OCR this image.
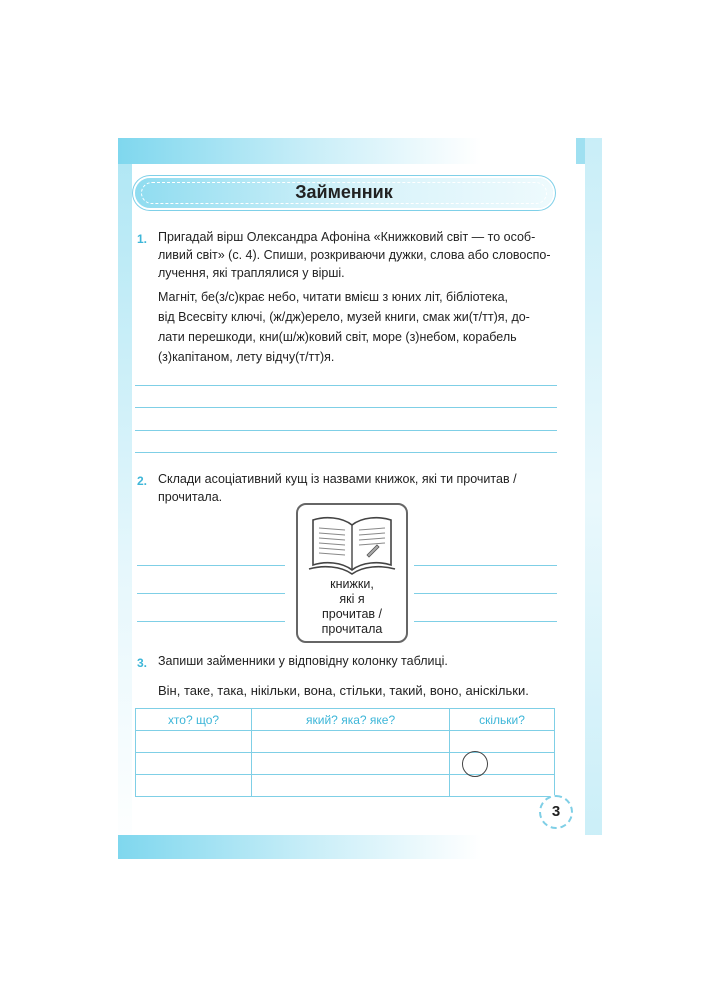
Займенник
1. Пригадай вірш Олександра Афоніна «Книжковий світ — то особ-
ливий світ» (с. 4). Спиши, розкриваючи дужки, слова або словоспо-
лучення, які траплялися у вірші.
Магніт, бе(з/с)крає небо, читати вмієш з юних літ, бібліотека,
від Всесвіту ключі, (ж/дж)ерело, музей книги, смак жи(т/тт)я, до-
лати перешкоди, кни(ш/ж)ковий світ, море (з)небом, корабель
(з)капітаном, лету відчу(т/тт)я.
2. Склади асоціативний кущ із назвами книжок, які ти прочитав /
прочитала.
книжки,
які я
прочитав /
прочитала
3. Запиши займенники у відповідну колонку таблиці.
Він, таке, така, нікільки, вона, стільки, такий, воно, аніскільки.
хто? що?	який? яка? яке?	скільки?

3
